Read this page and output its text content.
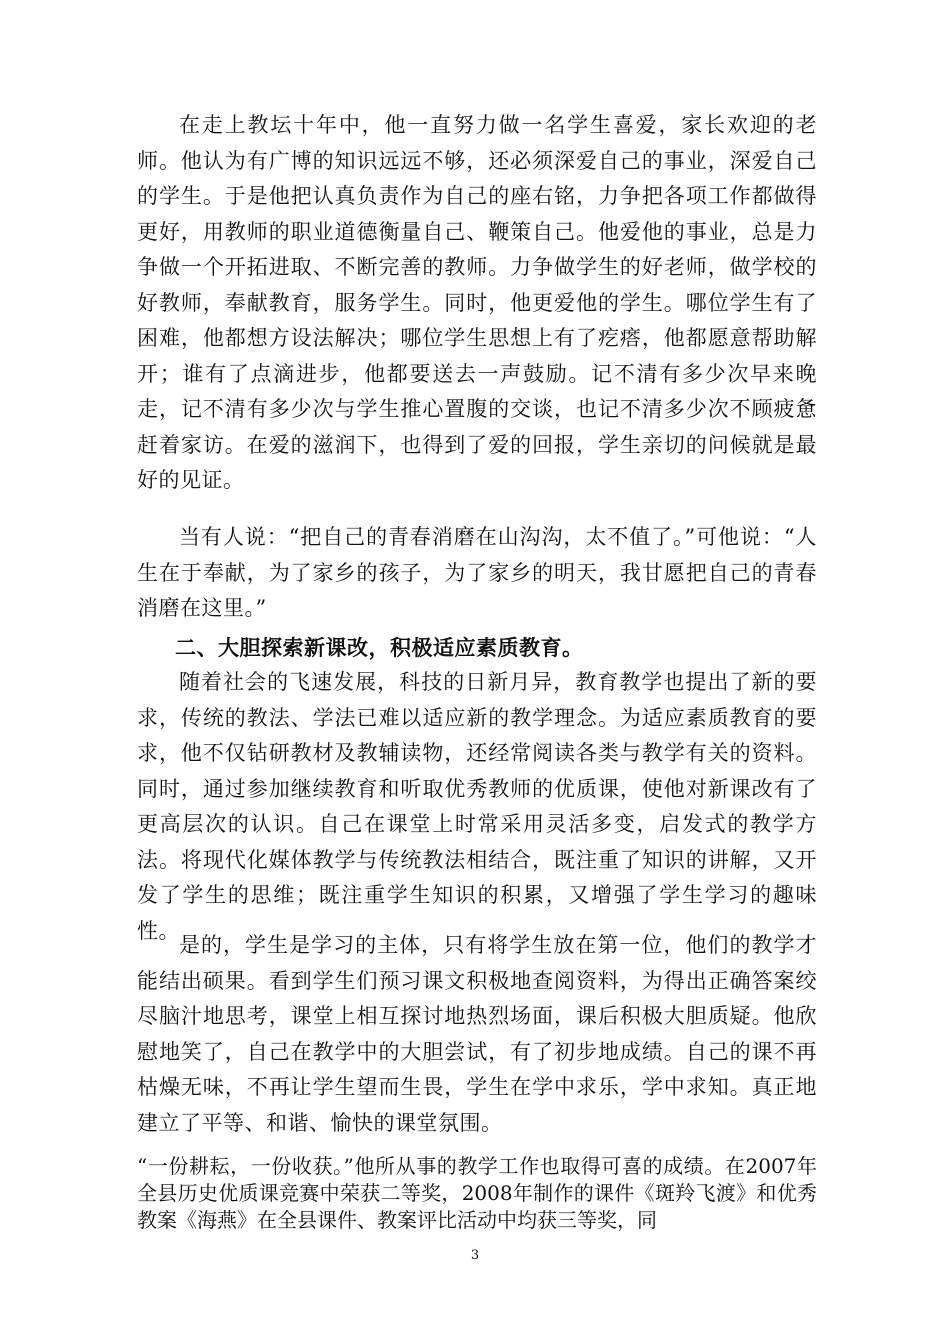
在走上教坛十年中，他一直努力做一名学生喜爱，家长欢迎的老师。他认为有广博的知识远远不够，还必须深爱自己的事业，深爱自己的学生。于是他把认真负责作为自己的座右铭，力争把各项工作都做得更好，用教师的职业道德衡量自己、鞭策自己。他爱他的事业，总是力争做一个开拓进取、不断完善的教师。力争做学生的好老师，做学校的好教师，奉献教育，服务学生。同时，他更爱他的学生。哪位学生有了困难，他都想方设法解决；哪位学生思想上有了疙瘩，他都愿意帮助解开；谁有了点滴进步，他都要送去一声鼓励。记不清有多少次早来晚走，记不清有多少次与学生推心置腹的交谈，也记不清多少次不顾疲惫赶着家访。在爱的滋润下，也得到了爱的回报，学生亲切的问候就是最好的见证。

当有人说：“把自己的青春消磨在山沟沟，太不值了。”可他说：“人生在于奉献，为了家乡的孩子，为了家乡的明天，我甘愿把自己的青春消磨在这里。”

二、大胆探索新课改，积极适应素质教育。

随着社会的飞速发展，科技的日新月异，教育教学也提出了新的要求，传统的教法、学法已难以适应新的教学理念。为适应素质教育的要求，他不仅钻研教材及教辅读物，还经常阅读各类与教学有关的资料。同时，通过参加继续教育和听取优秀教师的优质课，使他对新课改有了更高层次的认识。自己在课堂上时常采用灵活多变，启发式的教学方法。将现代化媒体教学与传统教法相结合，既注重了知识的讲解，又开发了学生的思维；既注重学生知识的积累，又增强了学生学习的趣味性。

是的，学生是学习的主体，只有将学生放在第一位，他们的教学才能结出硕果。看到学生们预习课文积极地查阅资料，为得出正确答案绞尽脑汁地思考，课堂上相互探讨地热烈场面，课后积极大胆质疑。他欣慰地笑了，自己在教学中的大胆尝试，有了初步地成绩。自己的课不再枯燥无味，不再让学生望而生畏，学生在学中求乐，学中求知。真正地建立了平等、和谐、愉快的课堂氛围。

“一份耕耘，一份收获。”他所从事的教学工作也取得可喜的成绩。在2007年全县历史优质课竞赛中荣获二等奖，2008年制作的课件《斑羚飞渡》和优秀教案《海燕》在全县课件、教案评比活动中均获三等奖，同

3
